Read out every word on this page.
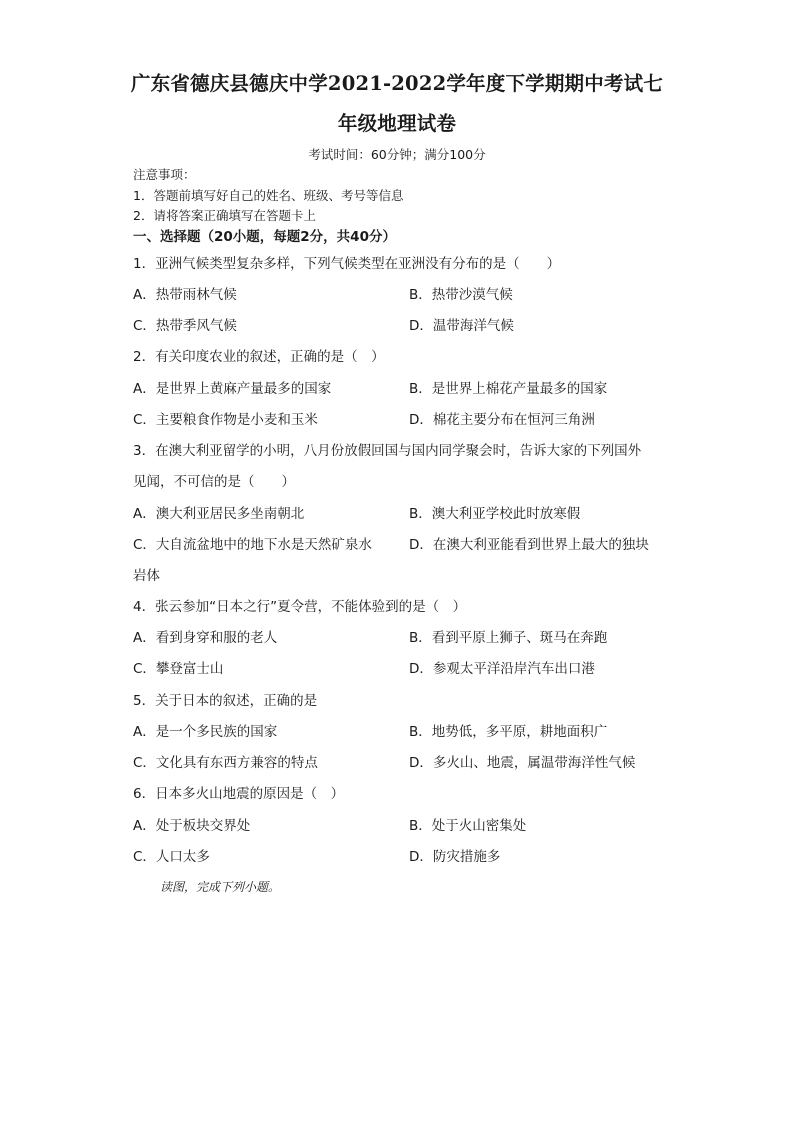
广东省德庆县德庆中学2021-2022学年度下学期期中考试七
年级地理试卷
考试时间：60分钟；满分100分
注意事项：
1．答题前填写好自己的姓名、班级、考号等信息
2．请将答案正确填写在答题卡上
一、选择题（20小题，每题2分，共40分）
1．亚洲气候类型复杂多样，下列气候类型在亚洲没有分布的是（　　）
A．热带雨林气候	B．热带沙漠气候
C．热带季风气候	D．温带海洋气候
2．有关印度农业的叙述，正确的是（　）
A．是世界上黄麻产量最多的国家	B．是世界上棉花产量最多的国家
C．主要粮食作物是小麦和玉米	D．棉花主要分布在恒河三角洲
3．在澳大利亚留学的小明，八月份放假回国与国内同学聚会时，告诉大家的下列国外
见闻，不可信的是（　　）
A．澳大利亚居民多坐南朝北	B．澳大利亚学校此时放寒假
C．大自流盆地中的地下水是天然矿泉水	D．在澳大利亚能看到世界上最大的独块
岩体
4．张云参加“日本之行”夏令营，不能体验到的是（　）
A．看到身穿和服的老人	B．看到平原上狮子、斑马在奔跑
C．攀登富士山	D．参观太平洋沿岸汽车出口港
5．关于日本的叙述，正确的是
A．是一个多民族的国家	B．地势低，多平原，耕地面积广
C．文化具有东西方兼容的特点	D．多火山、地震，属温带海洋性气候
6．日本多火山地震的原因是（　）
A．处于板块交界处	B．处于火山密集处
C．人口太多	D．防灾措施多
读图，完成下列小题。
